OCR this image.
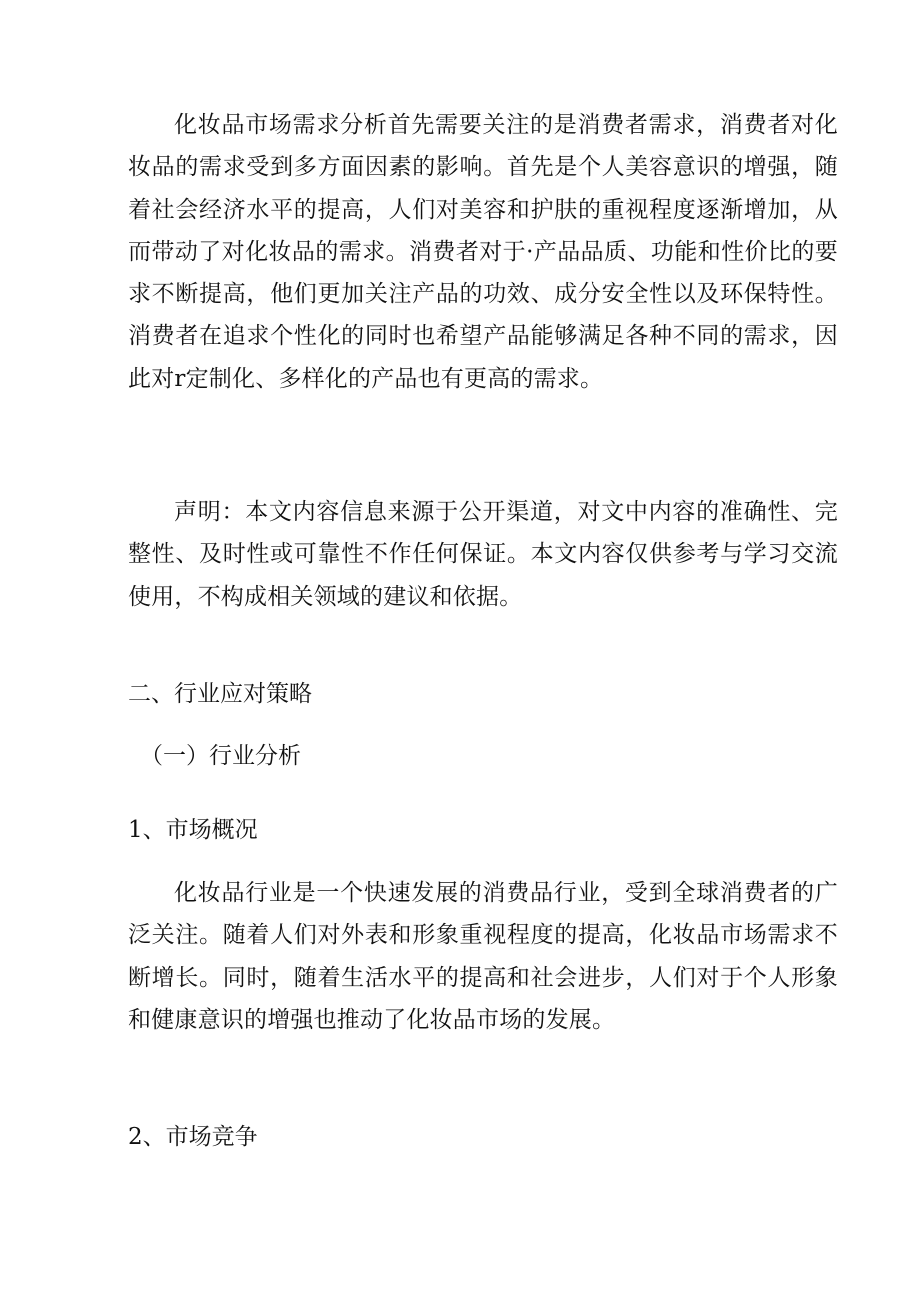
化妆品市场需求分析首先需要关注的是消费者需求，消费者对化妆品的需求受到多方面因素的影响。首先是个人美容意识的增强，随着社会经济水平的提高，人们对美容和护肤的重视程度逐渐增加，从而带动了对化妆品的需求。消费者对于·产品品质、功能和性价比的要求不断提高，他们更加关注产品的功效、成分安全性以及环保特性。消费者在追求个性化的同时也希望产品能够满足各种不同的需求，因此对r定制化、多样化的产品也有更高的需求。

声明：本文内容信息来源于公开渠道，对文中内容的准确性、完整性、及时性或可靠性不作任何保证。本文内容仅供参考与学习交流使用，不构成相关领域的建议和依据。

二、行业应对策略
（一）行业分析
1、市场概况

化妆品行业是一个快速发展的消费品行业，受到全球消费者的广泛关注。随着人们对外表和形象重视程度的提高，化妆品市场需求不断增长。同时，随着生活水平的提高和社会进步，人们对于个人形象和健康意识的增强也推动了化妆品市场的发展。

2、市场竞争
